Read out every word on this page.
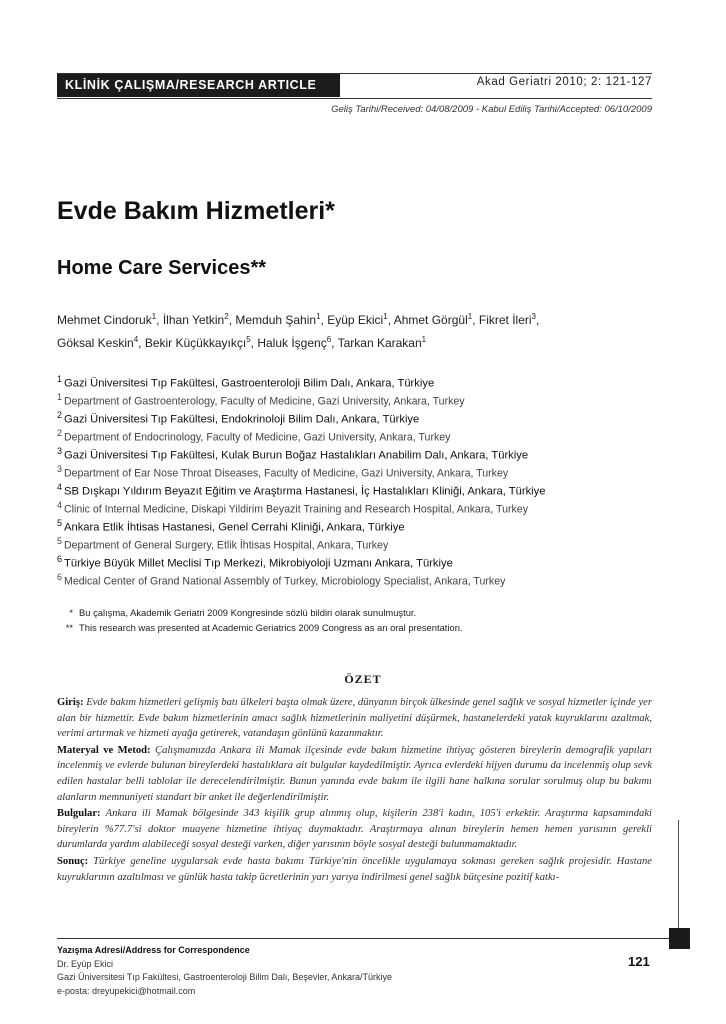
KLİNİK ÇALIŞMA/RESEARCH ARTICLE	Akad Geriatri 2010; 2: 121-127
Geliş Tarihi/Received: 04/08/2009 - Kabul Ediliş Tarihi/Accepted: 06/10/2009
Evde Bakım Hizmetleri*
Home Care Services**
Mehmet Cindoruk$^1$, İlhan Yetkin$^2$, Memduh Şahin$^1$, Eyüp Ekici$^1$, Ahmet Görgül$^1$, Fikret İleri$^3$,
Göksal Keskin$^4$, Bekir Küçükkayıkçı$^5$, Haluk İşgenç$^6$, Tarkan Karakan$^1$
$^1$ Gazi Üniversitesi Tıp Fakültesi, Gastroenteroloji Bilim Dalı, Ankara, Türkiye
$^1$ Department of Gastroenterology, Faculty of Medicine, Gazi University, Ankara, Turkey
$^2$ Gazi Üniversitesi Tıp Fakültesi, Endokrinoloji Bilim Dalı, Ankara, Türkiye
$^2$ Department of Endocrinology, Faculty of Medicine, Gazi University, Ankara, Turkey
$^3$ Gazi Üniversitesi Tıp Fakültesi, Kulak Burun Boğaz Hastalıkları Anabilim Dalı, Ankara, Türkiye
$^3$ Department of Ear Nose Throat Diseases, Faculty of Medicine, Gazi University, Ankara, Turkey
$^4$ SB Dışkapı Yıldırım Beyazıt Eğitim ve Araştırma Hastanesi, İç Hastalıkları Kliniği, Ankara, Türkiye
$^4$ Clinic of Internal Medicine, Diskapi Yildirim Beyazit Training and Research Hospital, Ankara, Turkey
$^5$ Ankara Etlik İhtisas Hastanesi, Genel Cerrahi Kliniği, Ankara, Türkiye
$^5$ Department of General Surgery, Etlik İhtisas Hospital, Ankara, Turkey
$^6$ Türkiye Büyük Millet Meclisi Tıp Merkezi, Mikrobiyoloji Uzmanı Ankara, Türkiye
$^6$ Medical Center of Grand National Assembly of Turkey, Microbiology Specialist, Ankara, Turkey
* Bu çalışma, Akademik Geriatri 2009 Kongresinde sözlü bildiri olarak sunulmuştur.
** This research was presented at Academic Geriatrics 2009 Congress as an oral presentation.
ÖZET

Giriş: Evde bakım hizmetleri gelişmiş batı ülkeleri başta olmak üzere, dünyanın birçok ülkesinde genel sağlık ve sosyal hizmetler içinde yer alan bir hizmettir. Evde bakım hizmetlerinin amacı sağlık hizmetlerinin maliyetini düşürmek, hastanelerdeki yatak kuyruklarını azaltmak, verimi artırmak ve hizmeti ayağa getirerek, vatandaşın gönlünü kazanmaktır.

Materyal ve Metod: Çalışmamızda Ankara ili Mamak ilçesinde evde bakım hizmetine ihtiyaç gösteren bireylerin demografik yapıları incelenmiş ve evlerde bulunan bireylerdeki hastalıklara ait bulgular kaydedilmiştir. Ayrıca evlerdeki hijyen durumu da incelenmiş olup sevk edilen hastalar belli tablolar ile derecelendirilmiştir. Bunun yanında evde bakım ile ilgili hane halkına sorular sorulmuş olup bu bakımı alanların memnuniyeti standart bir anket ile değerlendirilmiştir.

Bulgular: Ankara ili Mamak bölgesinde 343 kişilik grup alınmış olup, kişilerin 238'i kadın, 105'i erkektir. Araştırma kapsamındaki bireylerin %77.7'si doktor muayene hizmetine ihtiyaç duymaktadır. Araştırmaya alınan bireylerin hemen hemen yarısının gerekli durumlarda yardım alabileceği sosyal desteği varken, diğer yarısının böyle sosyal desteği bulunmamaktadır.

Sonuç: Türkiye geneline uygularsak evde hasta bakımı Türkiye'nin öncelikle uygulamaya sokması gereken sağlık projesidir. Hastane kuyruklarının azaltılması ve günlük hasta takip ücretlerinin yarı yarıya indirilmesi genel sağlık bütçesine pozitif katkı-

Yazışma Adresi/Address for Correspondence
Dr. Eyüp Ekici
Gazi Üniversitesi Tıp Fakültesi, Gastroenteroloji Bilim Dalı, Beşevler, Ankara/Türkiye
e-posta: dreyupekici@hotmail.com
121
